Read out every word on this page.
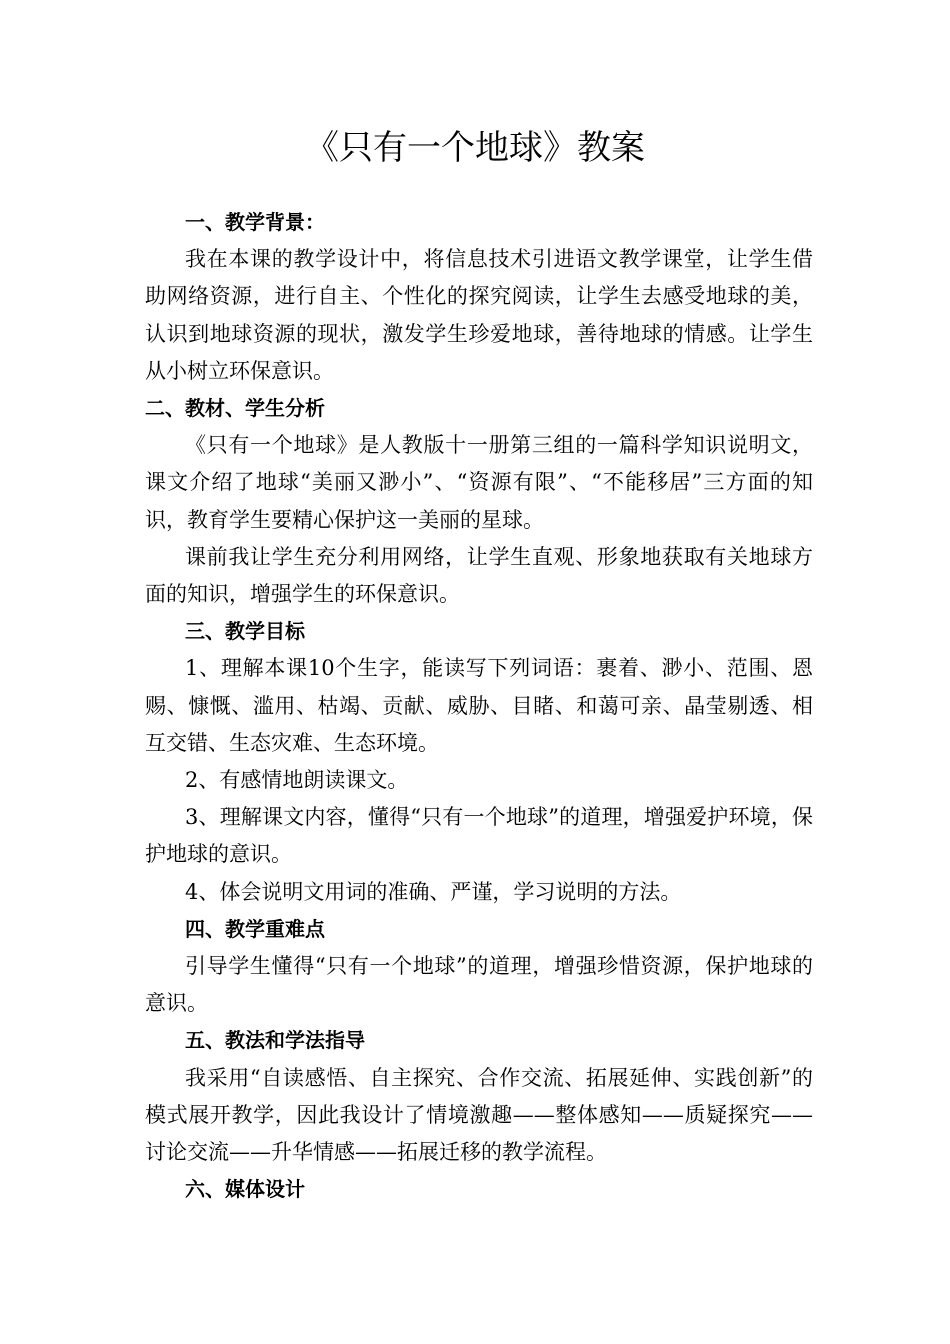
《只有一个地球》教案

一、教学背景：

我在本课的教学设计中，将信息技术引进语文教学课堂，让学生借助网络资源，进行自主、个性化的探究阅读，让学生去感受地球的美，认识到地球资源的现状，激发学生珍爱地球，善待地球的情感。让学生从小树立环保意识。

二、教材、学生分析

《只有一个地球》是人教版十一册第三组的一篇科学知识说明文，课文介绍了地球“美丽又渺小”、“资源有限”、“不能移居”三方面的知识，教育学生要精心保护这一美丽的星球。

课前我让学生充分利用网络，让学生直观、形象地获取有关地球方面的知识，增强学生的环保意识。

三、教学目标

1、理解本课10个生字，能读写下列词语：裹着、渺小、范围、恩赐、慷慨、滥用、枯竭、贡献、威胁、目睹、和蔼可亲、晶莹剔透、相互交错、生态灾难、生态环境。

2、有感情地朗读课文。

3、理解课文内容，懂得“只有一个地球”的道理，增强爱护环境，保护地球的意识。

4、体会说明文用词的准确、严谨，学习说明的方法。

四、教学重难点

引导学生懂得“只有一个地球”的道理，增强珍惜资源，保护地球的意识。

五、教法和学法指导

我采用“自读感悟、自主探究、合作交流、拓展延伸、实践创新”的模式展开教学，因此我设计了情境激趣——整体感知——质疑探究——讨论交流——升华情感——拓展迁移的教学流程。

六、媒体设计
